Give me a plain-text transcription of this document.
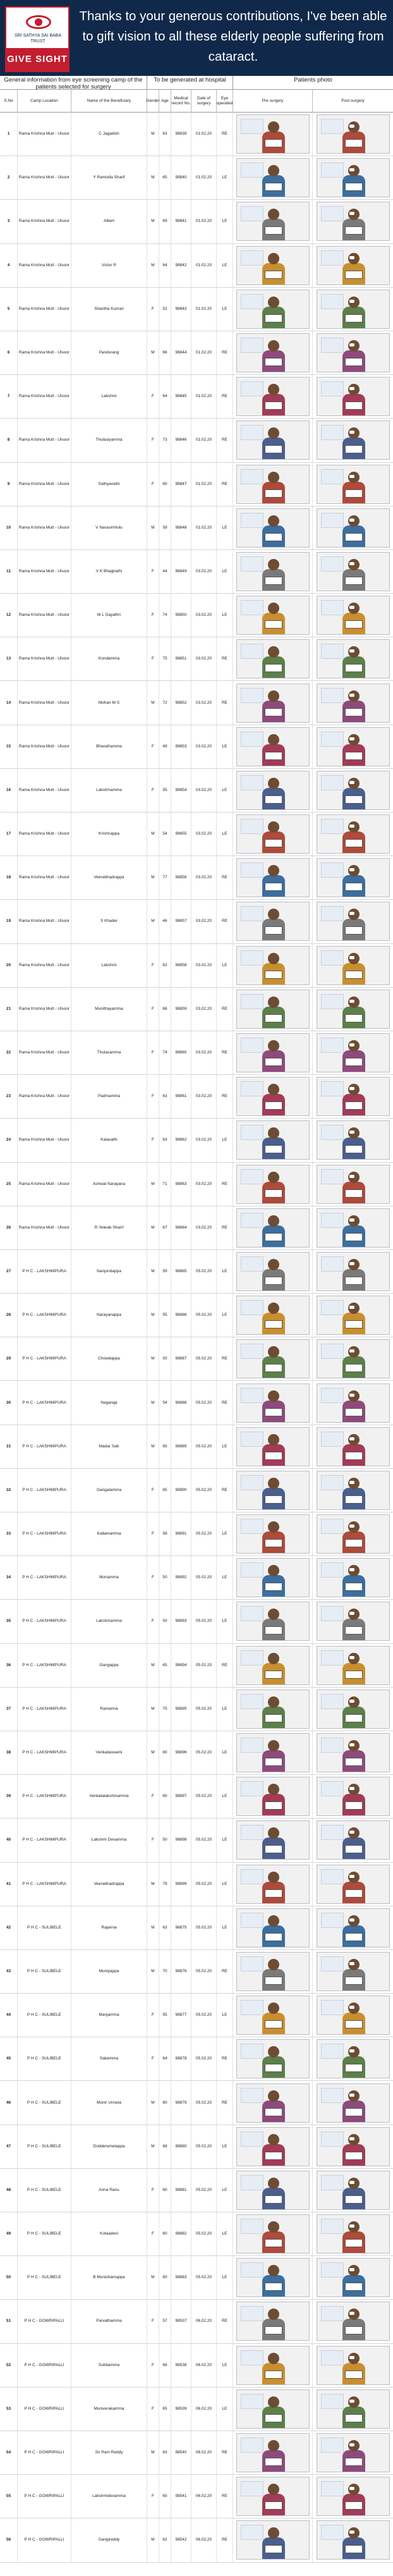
SRI SATHYA SAI BABA TRUST
GIVE SIGHT
Thanks to your generous contributions, I've been able to gift vision to all these elderly people suffering from cataract.
General information from eye screening camp of the patients selected for surgery
To be generated at hospital	Patients photo
S.No	Camp Location	Name of the Beneficiary	Gender Age
Medical record No.
Date of surgery
Eye operated
Pre surgery	Post surgery
1	Rama Krishna Mutt - Ulsoor	C Jagadish	M	63	98839	01.02.20	RE
2	Rama Krishna Mutt - Ulsoor	Y Ramiulla Sharif	M	65	98840	01.02.20	LE
3	Rama Krishna Mutt - Ulsoor	Albert	M	69	98841	01.02.20	LE
4	Rama Krishna Mutt - Ulsoor	Victor R	M	64	98842	01.02.20	LE
5	Rama Krishna Mutt - Ulsoor	Shantha Kumari	F	52	98843	01.02.20	LE
6	Rama Krishna Mutt - Ulsoor	Pandurang	M	66	98844	01.02.20	RE
7	Rama Krishna Mutt - Ulsoor	Lakshmi	F	64	98845	01.02.20	RE
8	Rama Krishna Mutt - Ulsoor	Thulasiyamma	F	73	98846	01.02.20	RE
9	Rama Krishna Mutt - Ulsoor	Sathyavathi	F	60	98847	01.02.20	RE
10	Rama Krishna Mutt - Ulsoor	V Narasimhulu	M	59	98848	01.02.20	LE
11	Rama Krishna Mutt - Ulsoor	V K Bhagirathi	F	44	98849	03.02.20	LE
12	Rama Krishna Mutt - Ulsoor	M L Gayathri	F	74	98850	03.02.20	LE
13	Rama Krishna Mutt - Ulsoor	Kondamma	F	75	98851	03.02.20	RE
14	Rama Krishna Mutt - Ulsoor	Mohan M S	M	72	98852	03.02.20	RE
15	Rama Krishna Mutt - Ulsoor	Bharathamma	F	49	98853	03.02.20	LE
16	Rama Krishna Mutt - Ulsoor	Lakshmamma	F	55	98854	03.02.20	LE
17	Rama Krishna Mutt - Ulsoor	Krishnappa	M	54	98855	03.02.20	LE
18	Rama Krishna Mutt - Ulsoor	Veerabhadrappa	M	77	98856	03.02.20	RE
19	Rama Krishna Mutt - Ulsoor	S Khader	M	46	98857	03.02.20	RE
20	Rama Krishna Mutt - Ulsoor	Lakshmi	F	62	98858	03.02.20	LE
21	Rama Krishna Mutt - Ulsoor	Munithayamma	F	68	98859	03.02.20	RE
22	Rama Krishna Mutt - Ulsoor	Thulasamma	F	74	98860	03.02.20	RE
23	Rama Krishna Mutt - Ulsoor	Padmamma	F	63	98861	03.02.20	RE
24	Rama Krishna Mutt - Ulsoor	Kalavathi	F	63	98862	03.02.20	LE
25	Rama Krishna Mutt - Ulsoor	Ashwat Narayana	M	71	98863	03.02.20	RE
26	Rama Krishna Mutt - Ulsoor	R Yelwak Sharif	M	67	98864	03.02.20	RE
27	P H C - LAKSHMIPURA	Nanjundappa	M	59	98885	05.02.20	LE
28	P H C - LAKSHMIPURA	Narayanappa	M	55	98886	05.02.20	LE
29	P H C - LAKSHMIPURA	Chowdappa	M	50	98887	05.02.20	RE
30	P H C - LAKSHMIPURA	Nagaraja	M	54	98888	05.02.20	RE
31	P H C - LAKSHMIPURA	Madar Sab	M	65	98889	05.02.20	LE
32	P H C - LAKSHMIPURA	Gangalamma	F	65	98890	05.02.20	RE
33	P H C - LAKSHMIPURA	Kallamamma	F	58	98891	05.02.20	LE
34	P H C - LAKSHMIPURA	Munamma	F	50	98892	05.02.20	LE
35	P H C - LAKSHMIPURA	Lakshmamma	F	50	98893	05.02.20	LE
36	P H C - LAKSHMIPURA	Gangappa	M	65	98894	05.02.20	RE
37	P H C - LAKSHMIPURA	Ramanna	M	75	98895	05.02.20	LE
38	P H C - LAKSHMIPURA	Venkataswami	M	80	98896	05.02.20	LE
39	P H C - LAKSHMIPURA	Venkatalakshmamma	F	60	98897	05.02.20	LE
40	P H C - LAKSHMIPURA	Lakshmi Devamma	F	50	98898	05.02.20	LE
41	P H C - LAKSHMIPURA	Veerabhadrappa	M	78	98899	05.02.20	LE
42	P H C - SULIBELE	Rajanna	M	63	98875	05.02.20	LE
43	P H C - SULIBELE	Muniyappa	M	70	98876	05.02.20	RE
44	P H C - SULIBELE	Manjamma	F	55	98877	05.02.20	LE
45	P H C - SULIBELE	Sakamma	F	64	98878	05.02.20	RE
46	P H C - SULIBELE	Munir Unnela	M	60	98879	05.02.20	RE
47	P H C - SULIBELE	Dodderamelappa	M	68	98880	05.02.20	LE
48	P H C - SULIBELE	Anna Ranu	F	60	98881	05.02.20	LE
49	P H C - SULIBELE	Kotaadevi	F	60	98882	05.02.20	LE
50	P H C - SULIBELE	B Munishamappa	M	80	98883	05.02.20	LE
51	P H C - GOWRIPALLI	Parvathamma	F	57	98537	06.02.20	RE
52	P H C - GOWRIPALLI	Subbamma	F	68	98538	06.02.20	LE
53	P H C - GOWRIPALLI	Muniverakamma	F	65	98539	06.02.20	LE
54	P H C - GOWRIPALLI	Sri Ram Reddy	M	63	98540	06.02.20	RE
55	P H C - GOWRIPALLI	Lakshmidevamma	F	65	98541	06.02.20	RE
56	P H C - GOWRIPALLI	Gangireddy	M	62	98542	06.02.20	RE
